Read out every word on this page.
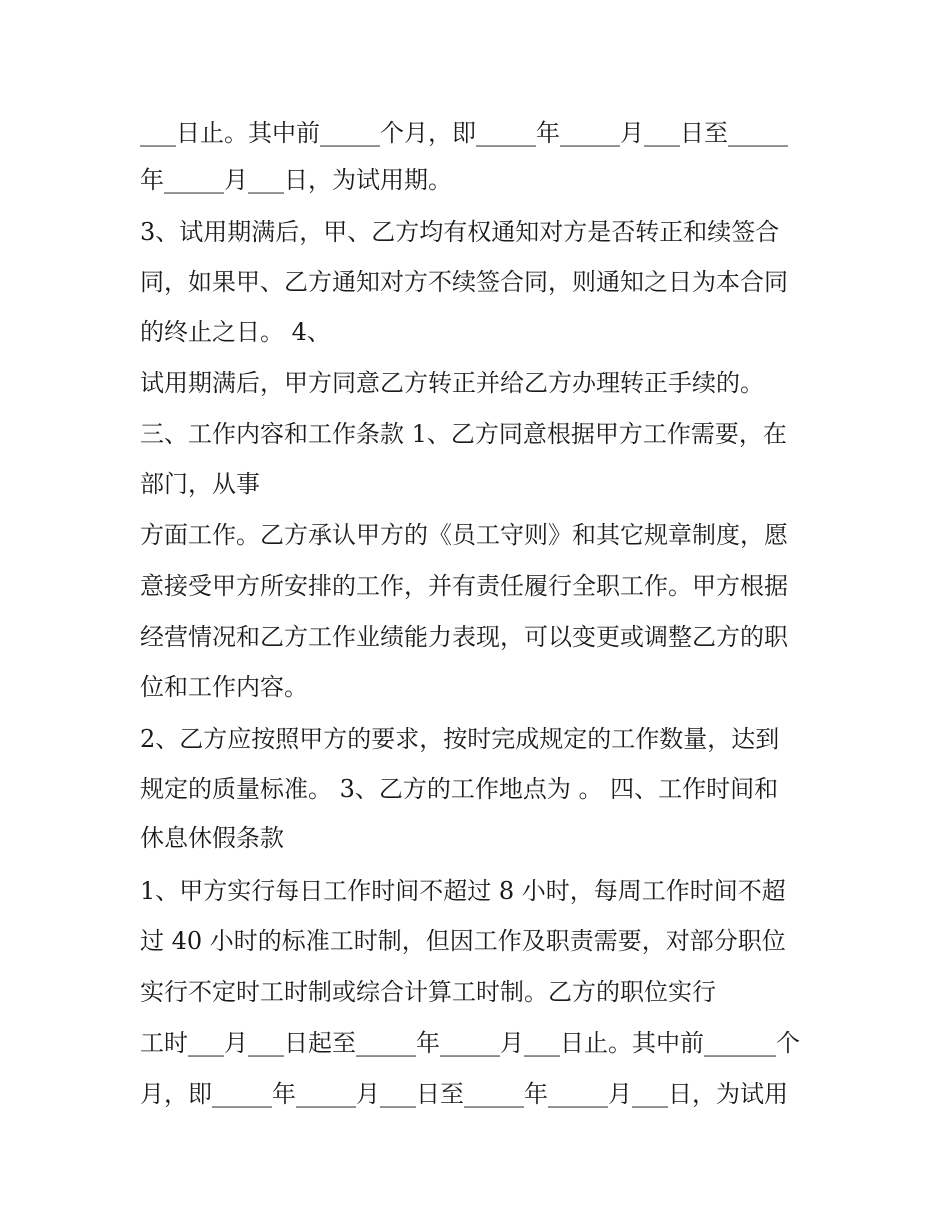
___日止。其中前_____个月，即_____年_____月___日至_____
年_____月___日，为试用期。
3、试用期满后，甲、乙方均有权通知对方是否转正和续签合
同，如果甲、乙方通知对方不续签合同，则通知之日为本合同
的终止之日。 4、
试用期满后，甲方同意乙方转正并给乙方办理转正手续的。
三、工作内容和工作条款 1、乙方同意根据甲方工作需要，在
部门，从事
方面工作。乙方承认甲方的《员工守则》和其它规章制度，愿
意接受甲方所安排的工作，并有责任履行全职工作。甲方根据
经营情况和乙方工作业绩能力表现，可以变更或调整乙方的职
位和工作内容。
2、乙方应按照甲方的要求，按时完成规定的工作数量，达到
规定的质量标准。 3、乙方的工作地点为 。 四、工作时间和
休息休假条款
1、甲方实行每日工作时间不超过 8 小时，每周工作时间不超
过 40 小时的标准工时制，但因工作及职责需要，对部分职位
实行不定时工时制或综合计算工时制。乙方的职位实行
工时___月___日起至_____年_____月___日止。其中前______个
月，即_____年_____月___日至_____年_____月___日，为试用
